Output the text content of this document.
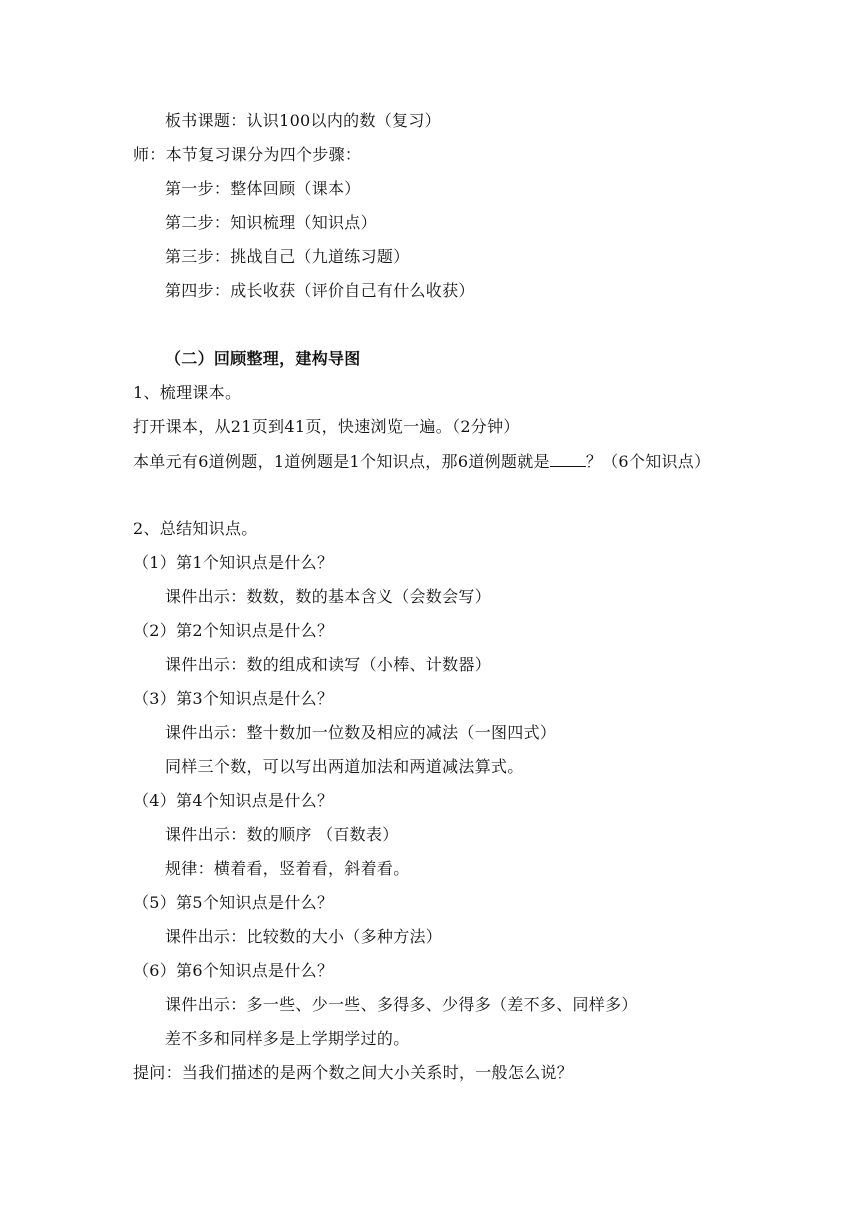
板书课题：认识100以内的数（复习）
师：本节复习课分为四个步骤：
第一步：整体回顾（课本）
第二步：知识梳理（知识点）
第三步：挑战自己（九道练习题）
第四步：成长收获（评价自己有什么收获）
（二）回顾整理，建构导图
1、梳理课本。
打开课本，从21页到41页，快速浏览一遍。（2分钟）
本单元有6道例题，1道例题是1个知识点，那6道例题就是 ？（6个知识点）
2、总结知识点。
（1）第1个知识点是什么？
课件出示：数数，数的基本含义（会数会写）
（2）第2个知识点是什么？
课件出示：数的组成和读写（小棒、计数器）
（3）第3个知识点是什么？
课件出示：整十数加一位数及相应的减法（一图四式）
同样三个数，可以写出两道加法和两道减法算式。
（4）第4个知识点是什么？
课件出示：数的顺序 （百数表）
规律：横着看，竖着看，斜着看。
（5）第5个知识点是什么？
课件出示：比较数的大小（多种方法）
（6）第6个知识点是什么？
课件出示：多一些、少一些、多得多、少得多（差不多、同样多）
差不多和同样多是上学期学过的。
提问：当我们描述的是两个数之间大小关系时，一般怎么说？
